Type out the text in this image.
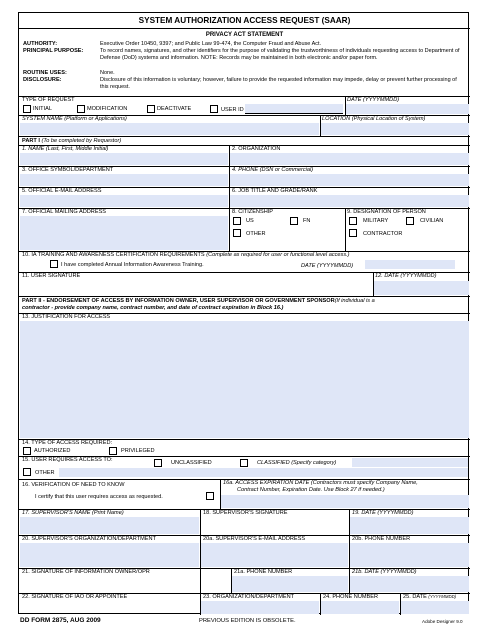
SYSTEM AUTHORIZATION ACCESS REQUEST (SAAR)
PRIVACY ACT STATEMENT
AUTHORITY:	Executive Order 10450, 9397; and Public Law 99-474, the Computer Fraud and Abuse Act.
PRINCIPAL PURPOSE:	To record names, signatures, and other identifiers for the purpose of validating the trustworthiness of individuals requesting access to Department of Defense (DoD) systems and information. NOTE: Records may be maintained in both electronic and/or paper form.
ROUTINE USES:	None.
DISCLOSURE:	Disclosure of this information is voluntary; however, failure to provide the requested information may impede, delay or prevent further processing of this request.
TYPE OF REQUEST
INITIAL	MODIFICATION	DEACTIVATE	USER ID
DATE (YYYYMMDD)
SYSTEM NAME (Platform or Applications)	LOCATION (Physical Location of System)
PART I (To be completed by Requestor)
1. NAME (Last, First, Middle Initial)	2. ORGANIZATION
3. OFFICE SYMBOL/DEPARTMENT	4. PHONE (DSN or Commercial)
5. OFFICIAL E-MAIL ADDRESS	6. JOB TITLE AND GRADE/RANK
7. OFFICIAL MAILING ADDRESS	8. CITIZENSHIP
US	FN
OTHER
9. DESIGNATION OF PERSON
MILITARY	CIVILIAN
CONTRACTOR
10. IA TRAINING AND AWARENESS CERTIFICATION REQUIREMENTS (Complete as required for user or functional level access.)
I have completed Annual Information Awareness Training.	DATE (YYYYMMDD)
11. USER SIGNATURE	12. DATE (YYYYMMDD)
PART II - ENDORSEMENT OF ACCESS BY INFORMATION OWNER, USER SUPERVISOR OR GOVERNMENT SPONSOR(If individual is a
contractor - provide company name, contract number, and date of contract expiration in Block 16.)
13. JUSTIFICATION FOR ACCESS
14. TYPE OF ACCESS REQUIRED:
AUTHORIZED	PRIVILEGED
15. USER REQUIRES ACCESS TO:	UNCLASSIFIED	CLASSIFIED (Specify category)
OTHER
16. VERIFICATION OF NEED TO KNOW
I certify that this user requires access as requested.
16a. ACCESS EXPIRATION DATE (Contractors must specify Company Name,
Contract Number, Expiration Date. Use Block 27 if needed.)
17. SUPERVISOR'S NAME (Print Name)	18. SUPERVISOR'S SIGNATURE	19. DATE (YYYYMMDD)
20. SUPERVISOR'S ORGANIZATION/DEPARTMENT	20a. SUPERVISOR'S E-MAIL ADDRESS	20b. PHONE NUMBER
21. SIGNATURE OF INFORMATION OWNER/OPR	21a. PHONE NUMBER	21b. DATE (YYYYMMDD)
22. SIGNATURE OF IAO OR APPOINTEE	23. ORGANIZATION/DEPARTMENT	24. PHONE NUMBER	25. DATE (YYYYMMDD)
DD FORM 2875, AUG 2009	PREVIOUS EDITION IS OBSOLETE.	Adobe Designer 9.0
